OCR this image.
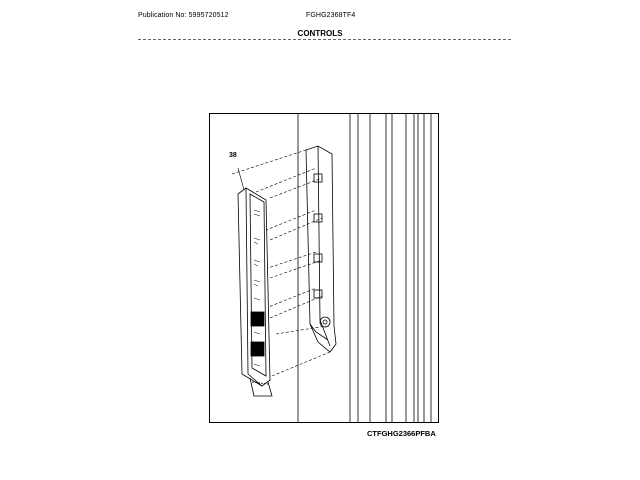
Publication No: 5995720512	FGHG2368TF4
CONTROLS
38
CTFGHG2366PFBA
